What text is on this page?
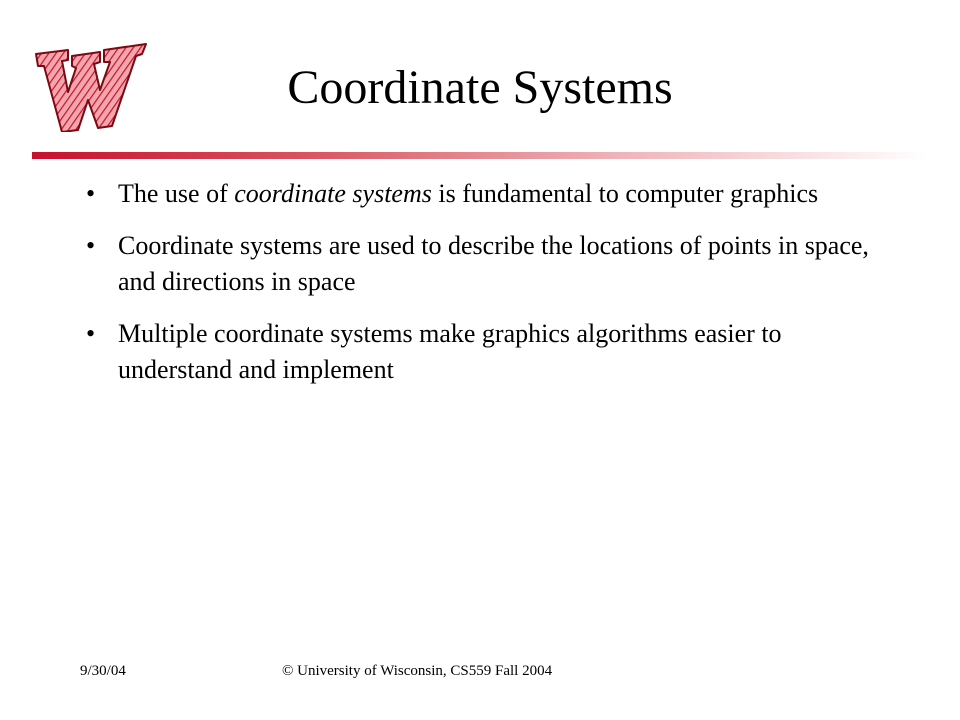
Coordinate Systems
• The use of coordinate systems is fundamental to computer graphics
• Coordinate systems are used to describe the locations of points in space, and directions in space
• Multiple coordinate systems make graphics algorithms easier to understand and implement
9/30/04	© University of Wisconsin, CS559 Fall 2004
